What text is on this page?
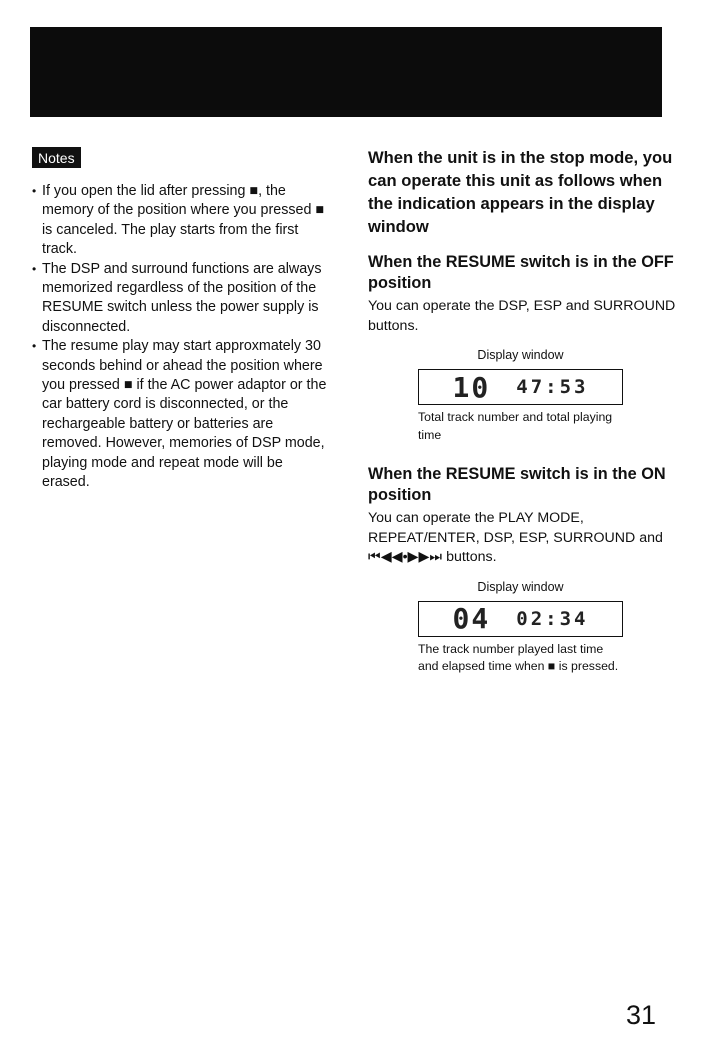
Notes
• If you open the lid after pressing ■, the memory of the position where you pressed ■ is canceled. The play starts from the first track.
• The DSP and surround functions are always memorized regardless of the position of the RESUME switch unless the power supply is disconnected.
• The resume play may start approxmately 30 seconds behind or ahead the position where you pressed ■ if the AC power adaptor or the car battery cord is disconnected, or the rechargeable battery or batteries are removed. However, memories of DSP mode, playing mode and repeat mode will be erased.
When the unit is in the stop mode, you can operate this unit as follows when the indication appears in the display window
When the RESUME switch is in the OFF position

You can operate the DSP, ESP and SURROUND buttons.

Display window
10 47:53
Total track number and total playing time
When the RESUME switch is in the ON position

You can operate the PLAY MODE, REPEAT/ENTER, DSP, ESP, SURROUND and ⏮◀◀•▶▶⏭ buttons.

Display window
04 02:34
The track number played last time and elapsed time when ■ is pressed.
31
